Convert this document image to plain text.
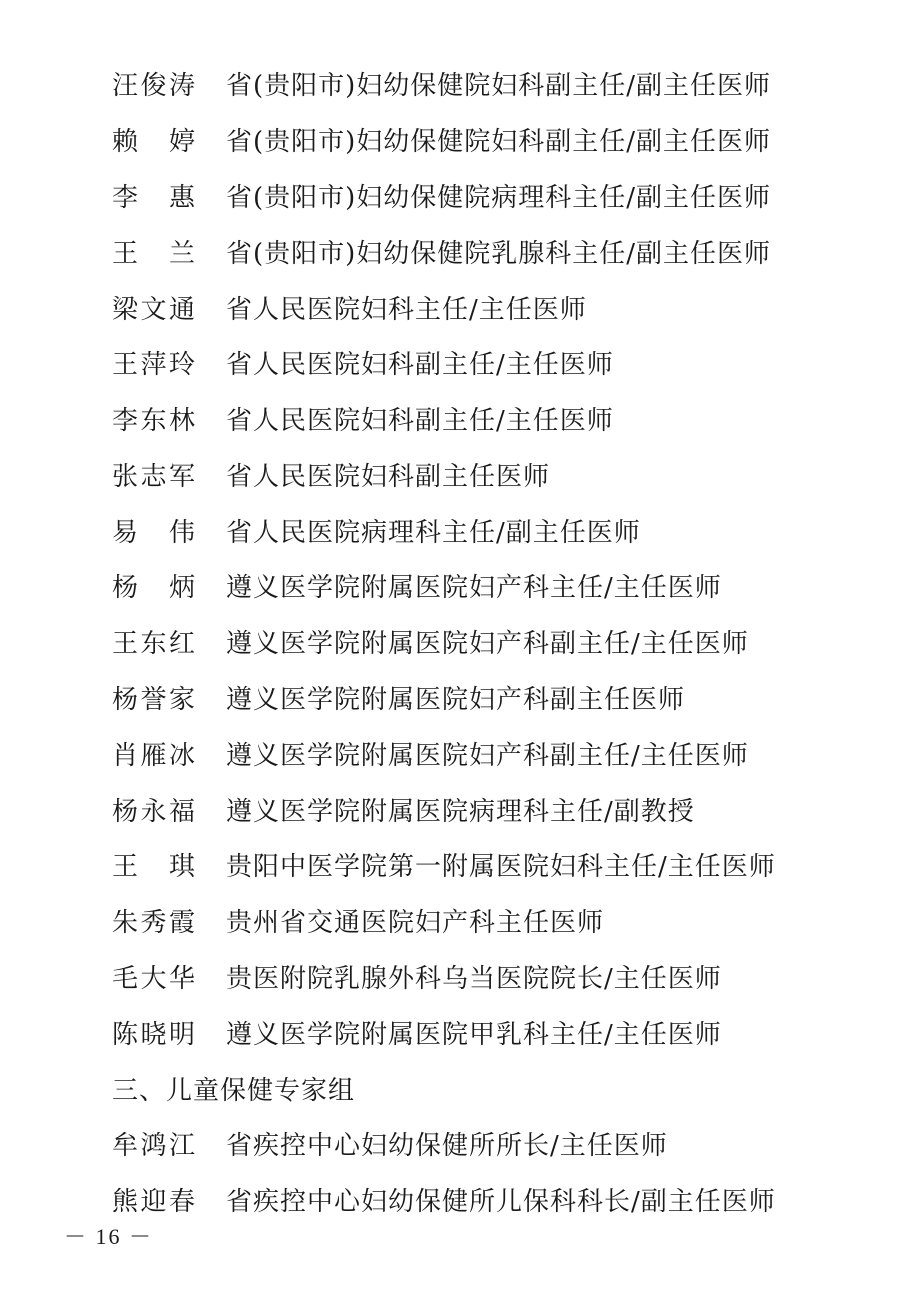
汪俊涛 省(贵阳市)妇幼保健院妇科副主任/副主任医师
赖 婷 省(贵阳市)妇幼保健院妇科副主任/副主任医师
李 惠 省(贵阳市)妇幼保健院病理科主任/副主任医师
王 兰 省(贵阳市)妇幼保健院乳腺科主任/副主任医师
梁文通 省人民医院妇科主任/主任医师
王萍玲 省人民医院妇科副主任/主任医师
李东林 省人民医院妇科副主任/主任医师
张志军 省人民医院妇科副主任医师
易 伟 省人民医院病理科主任/副主任医师
杨 炳 遵义医学院附属医院妇产科主任/主任医师
王东红 遵义医学院附属医院妇产科副主任/主任医师
杨誉家 遵义医学院附属医院妇产科副主任医师
肖雁冰 遵义医学院附属医院妇产科副主任/主任医师
杨永福 遵义医学院附属医院病理科主任/副教授
王 琪 贵阳中医学院第一附属医院妇科主任/主任医师
朱秀霞 贵州省交通医院妇产科主任医师
毛大华 贵医附院乳腺外科乌当医院院长/主任医师
陈晓明 遵义医学院附属医院甲乳科主任/主任医师
三、儿童保健专家组
牟鸿江 省疾控中心妇幼保健所所长/主任医师
熊迎春 省疾控中心妇幼保健所儿保科科长/副主任医师
－ 16 －
